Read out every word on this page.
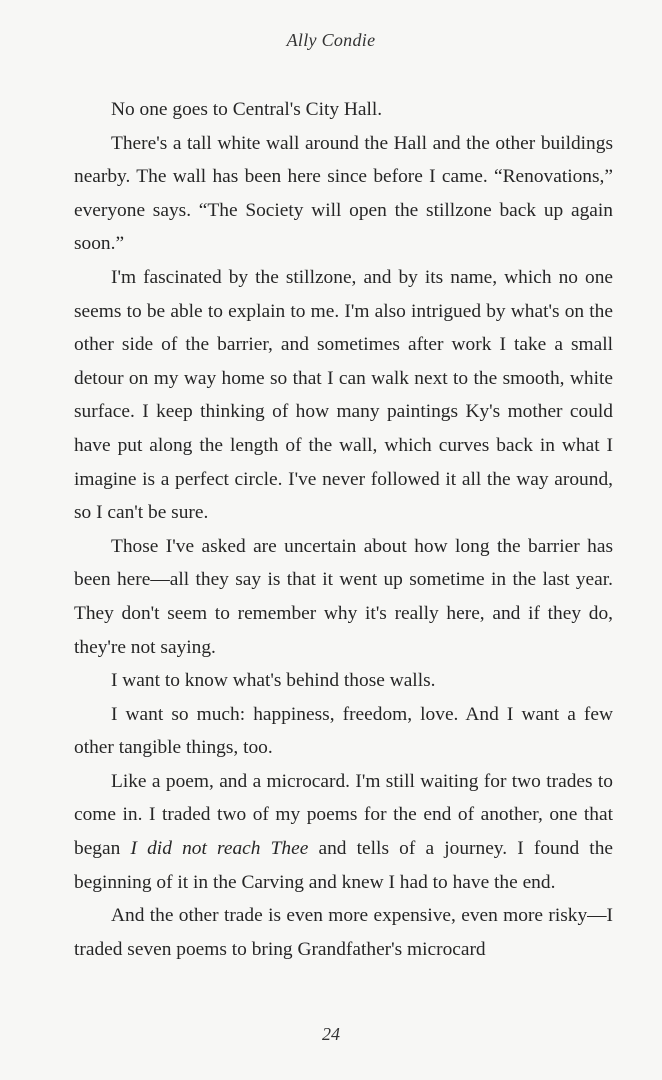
Ally Condie

No one goes to Central's City Hall.

There's a tall white wall around the Hall and the other buildings nearby. The wall has been here since before I came. “Renovations,” everyone says. “The Society will open the stillzone back up again soon.”

I'm fascinated by the stillzone, and by its name, which no one seems to be able to explain to me. I'm also intrigued by what's on the other side of the barrier, and sometimes after work I take a small detour on my way home so that I can walk next to the smooth, white surface. I keep thinking of how many paintings Ky's mother could have put along the length of the wall, which curves back in what I imagine is a perfect circle. I've never followed it all the way around, so I can't be sure.

Those I've asked are uncertain about how long the barrier has been here—all they say is that it went up sometime in the last year. They don't seem to remember why it's really here, and if they do, they're not saying.

I want to know what's behind those walls.

I want so much: happiness, freedom, love. And I want a few other tangible things, too.

Like a poem, and a microcard. I'm still waiting for two trades to come in. I traded two of my poems for the end of another, one that began I did not reach Thee and tells of a journey. I found the beginning of it in the Carving and knew I had to have the end.

And the other trade is even more expensive, even more risky—I traded seven poems to bring Grandfather's microcard

24
